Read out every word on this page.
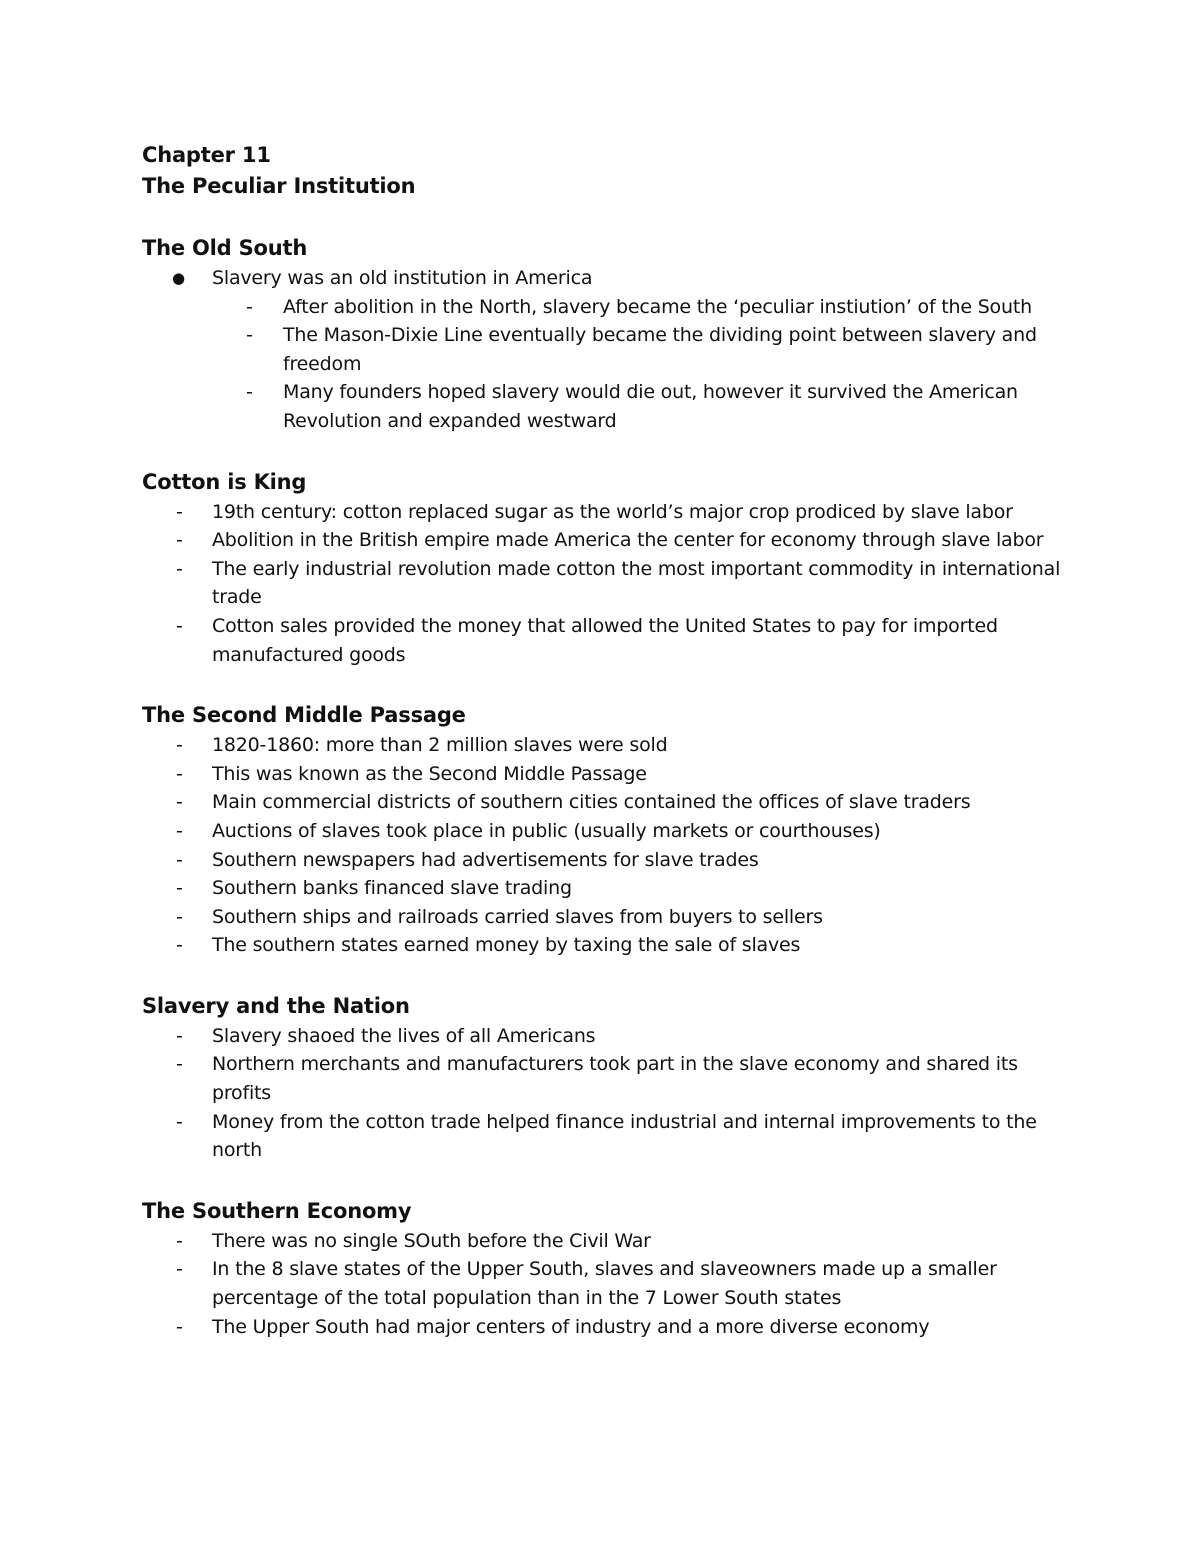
Chapter 11
The Peculiar Institution
The Old South
● Slavery was an old institution in America
- After abolition in the North, slavery became the ‘peculiar instiution’ of the South
- The Mason-Dixie Line eventually became the dividing point between slavery and freedom
- Many founders hoped slavery would die out, however it survived the American Revolution and expanded westward
Cotton is King
- 19th century: cotton replaced sugar as the world’s major crop prodiced by slave labor
- Abolition in the British empire made America the center for economy through slave labor
- The early industrial revolution made cotton the most important commodity in international trade
- Cotton sales provided the money that allowed the United States to pay for imported manufactured goods
The Second Middle Passage
- 1820-1860: more than 2 million slaves were sold
- This was known as the Second Middle Passage
- Main commercial districts of southern cities contained the offices of slave traders
- Auctions of slaves took place in public (usually markets or courthouses)
- Southern newspapers had advertisements for slave trades
- Southern banks financed slave trading
- Southern ships and railroads carried slaves from buyers to sellers
- The southern states earned money by taxing the sale of slaves
Slavery and the Nation
- Slavery shaoed the lives of all Americans
- Northern merchants and manufacturers took part in the slave economy and shared its profits
- Money from the cotton trade helped finance industrial and internal improvements to the north
The Southern Economy
- There was no single SOuth before the Civil War
- In the 8 slave states of the Upper South, slaves and slaveowners made up a smaller percentage of the total population than in the 7 Lower South states
- The Upper South had major centers of industry and a more diverse economy
